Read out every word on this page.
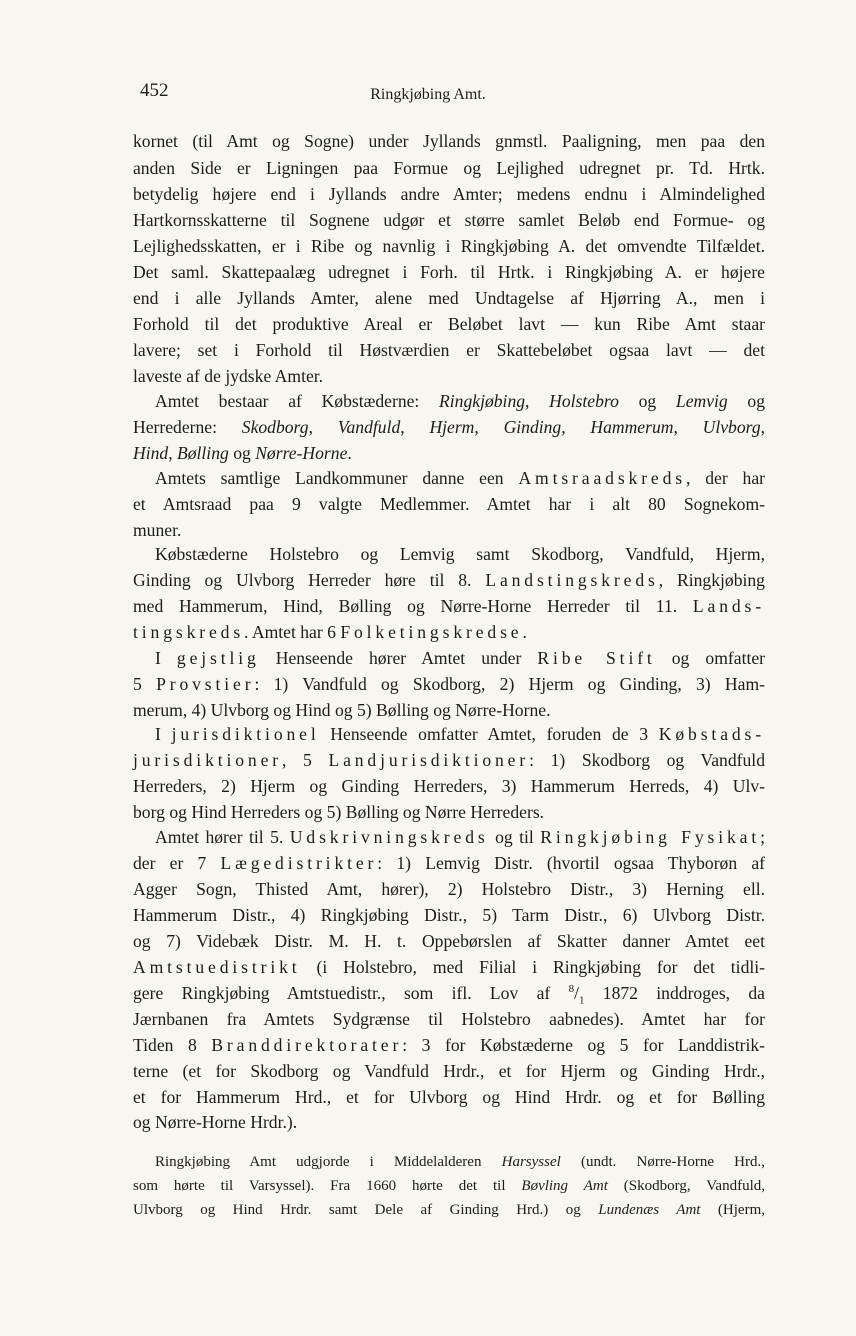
452	Ringkjøbing Amt.
kornet (til Amt og Sogne) under Jyllands gnmstl. Paaligning, men paa den
anden Side er Ligningen paa Formue og Lejlighed udregnet pr. Td. Hrtk.
betydelig højere end i Jyllands andre Amter; medens endnu i Almindelighed
Hartkornsskatterne til Sognene udgør et større samlet Beløb end Formue- og
Lejlighedsskatten, er i Ribe og navnlig i Ringkjøbing A. det omvendte Tilfældet.
Det saml. Skattepaalæg udregnet i Forh. til Hrtk. i Ringkjøbing A. er højere
end i alle Jyllands Amter, alene med Undtagelse af Hjørring A., men i
Forhold til det produktive Areal er Beløbet lavt — kun Ribe Amt staar
lavere; set i Forhold til Høstværdien er Skattebeløbet ogsaa lavt — det
laveste af de jydske Amter.
Amtet bestaar af Købstæderne: Ringkjøbing, Holstebro og Lemvig og
Herrederne: Skodborg, Vandfuld, Hjerm, Ginding, Hammerum, Ulvborg,
Hind, Bølling og Nørre-Horne.
Amtets samtlige Landkommuner danne een Amtsraadskreds, der har
et Amtsraad paa 9 valgte Medlemmer. Amtet har i alt 80 Sognekom-
muner.
Købstæderne Holstebro og Lemvig samt Skodborg, Vandfuld, Hjerm,
Ginding og Ulvborg Herreder høre til 8. Landstingskreds, Ringkjøbing
med Hammerum, Hind, Bølling og Nørre-Horne Herreder til 11. Lands-
tingskreds. Amtet har 6 Folketingskredse.
I gejstlig Henseende hører Amtet under Ribe Stift og omfatter
5 Provstier: 1) Vandfuld og Skodborg, 2) Hjerm og Ginding, 3) Ham-
merum, 4) Ulvborg og Hind og 5) Bølling og Nørre-Horne.
I jurisdiktionel Henseende omfatter Amtet, foruden de 3 Købstads-
jurisdiktioner, 5 Landjurisdiktioner: 1) Skodborg og Vandfuld
Herreders, 2) Hjerm og Ginding Herreders, 3) Hammerum Herreds, 4) Ulv-
borg og Hind Herreders og 5) Bølling og Nørre Herreders.
Amtet hører til 5. Udskrivningskreds og til Ringkjøbing Fysikat;
der er 7 Lægedistrikter: 1) Lemvig Distr. (hvortil ogsaa Thyborøn af
Agger Sogn, Thisted Amt, hører), 2) Holstebro Distr., 3) Herning ell.
Hammerum Distr., 4) Ringkjøbing Distr., 5) Tarm Distr., 6) Ulvborg Distr.
og 7) Videbæk Distr. M. H. t. Oppebørslen af Skatter danner Amtet eet
Amtstuedistrikt (i Holstebro, med Filial i Ringkjøbing for det tidli-
gere Ringkjøbing Amtstuedistr., som ifl. Lov af $^8/_1$ 1872 inddroges, da
Jærnbanen fra Amtets Sydgrænse til Holstebro aabnedes). Amtet har for
Tiden 8 Branddirektorater: 3 for Købstæderne og 5 for Landdistrik-
terne (et for Skodborg og Vandfuld Hrdr., et for Hjerm og Ginding Hrdr.,
et for Hammerum Hrd., et for Ulvborg og Hind Hrdr. og et for Bølling
og Nørre-Horne Hrdr.).
Ringkjøbing Amt udgjorde i Middelalderen Harsyssel (undt. Nørre-Horne Hrd.,
som hørte til Varsyssel). Fra 1660 hørte det til Bøvling Amt (Skodborg, Vandfuld,
Ulvborg og Hind Hrdr. samt Dele af Ginding Hrd.) og Lundenæs Amt (Hjerm,
